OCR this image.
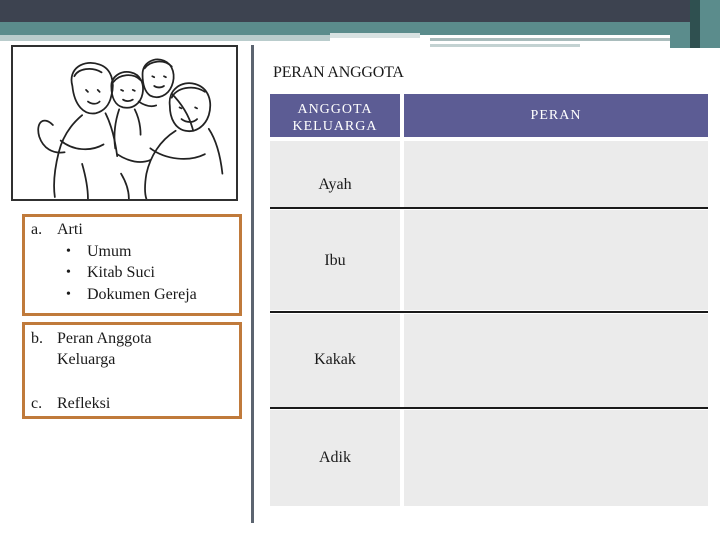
a. Arti
• Umum
• Kitab Suci
• Dokumen Gereja
b. Peran Anggota
Keluarga
c. Refleksi
PERAN ANGGOTA
ANGGOTA
KELUARGA
PERAN
Ayah
Ibu
Kakak
Adik
